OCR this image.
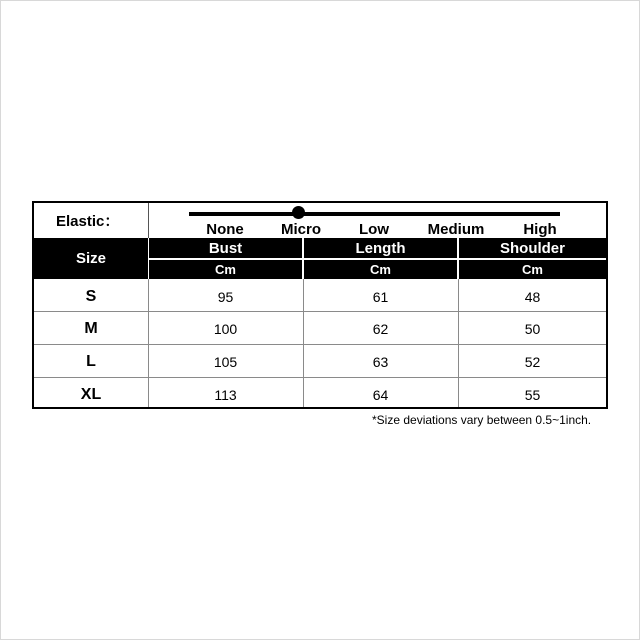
Elastic：	None Micro	Low	Medium	High
Size
Bust	Length	Shoulder
Cm	Cm	Cm
S	95	61	48
M	100	62	50
L	105	63	52
XL	113	64	55
*Size deviations vary between 0.5~1inch.
